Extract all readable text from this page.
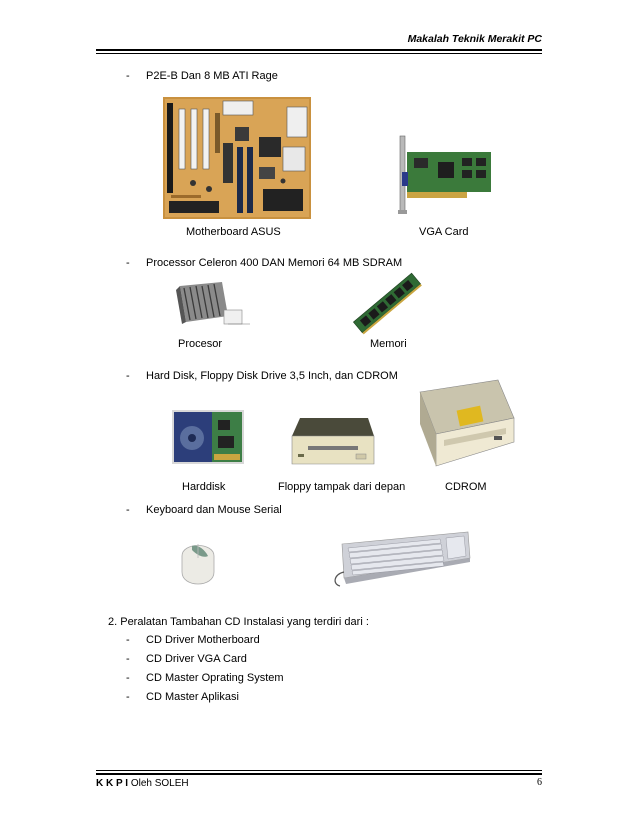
Makalah Teknik Merakit PC
- P2E-B Dan 8 MB ATI Rage
Motherboard ASUS	VGA Card
- Processor Celeron 400 DAN Memori 64 MB SDRAM
Procesor	Memori
- Hard Disk, Floppy Disk Drive 3,5 Inch, dan CDROM
Harddisk	Floppy tampak dari depan	CDROM
- Keyboard dan Mouse Serial
2. Peralatan Tambahan CD Instalasi yang terdiri dari :
- CD Driver Motherboard
- CD Driver VGA Card
- CD Master Oprating System
- CD Master Aplikasi
K K P I Oleh SOLEH	6
